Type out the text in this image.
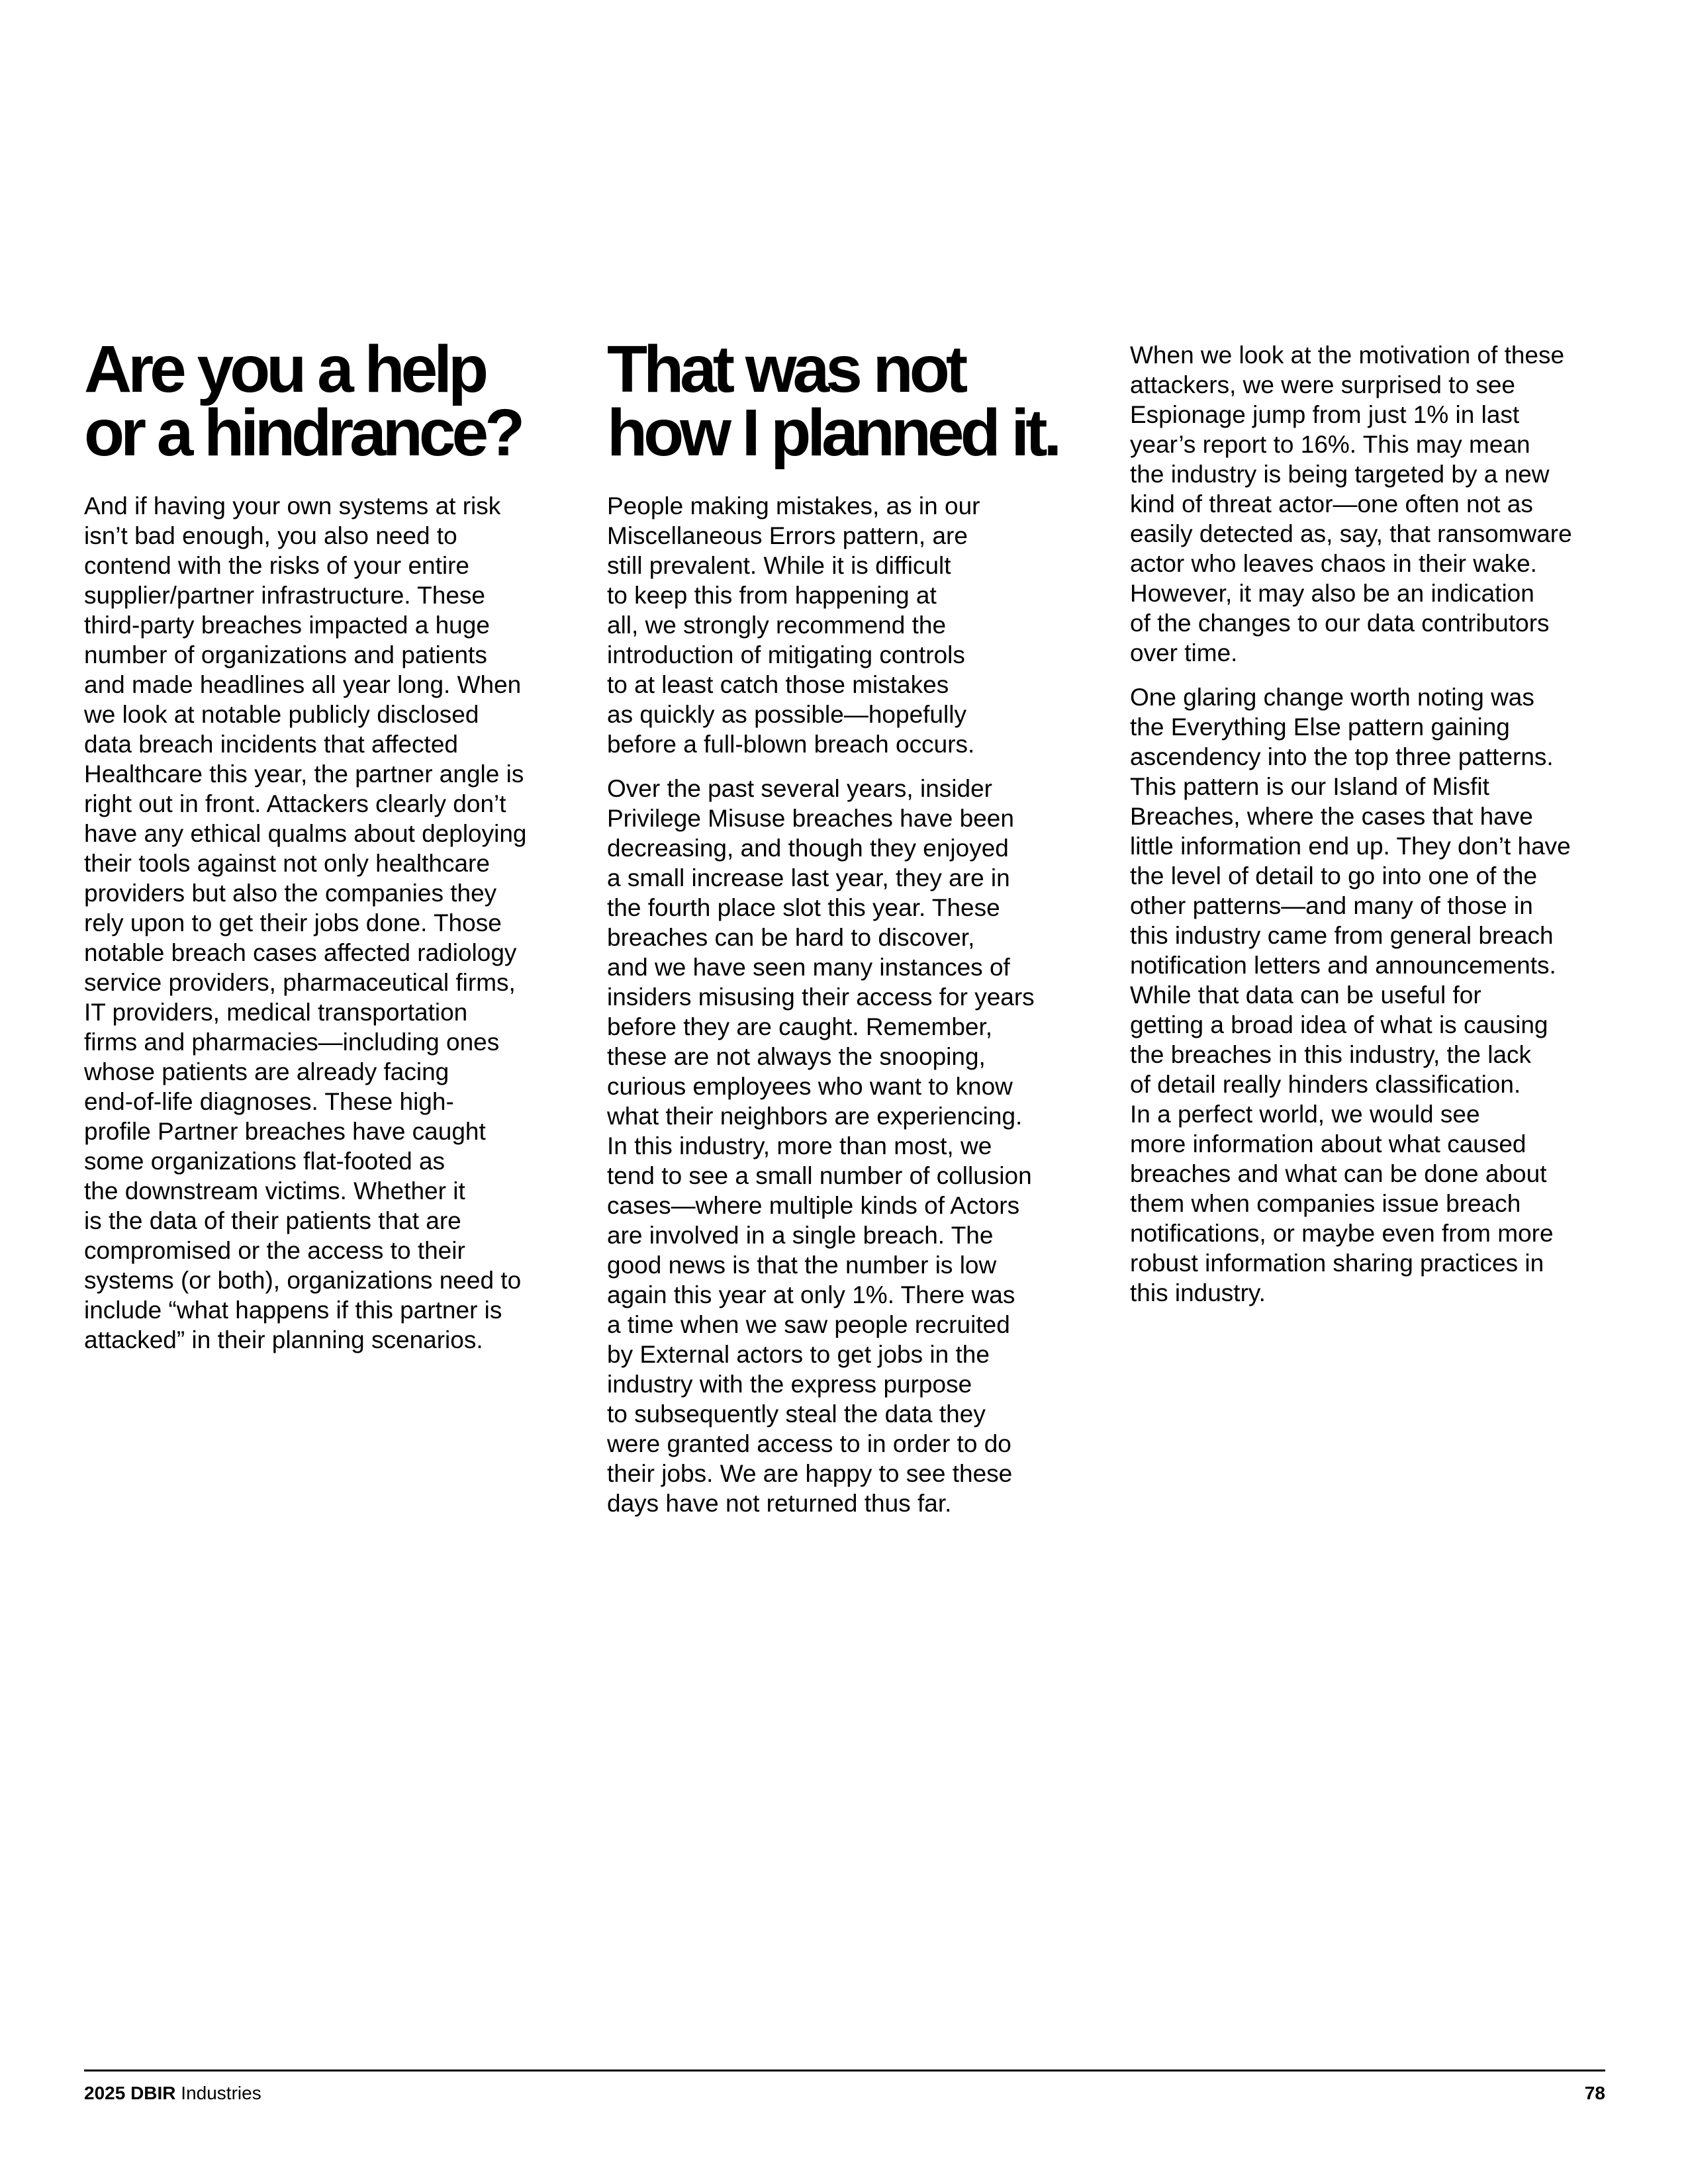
Are you a help
or a hindrance?

And if having your own systems at risk
isn’t bad enough, you also need to
contend with the risks of your entire
supplier/partner infrastructure. These
third-party breaches impacted a huge
number of organizations and patients
and made headlines all year long. When
we look at notable publicly disclosed
data breach incidents that affected
Healthcare this year, the partner angle is
right out in front. Attackers clearly don’t
have any ethical qualms about deploying
their tools against not only healthcare
providers but also the companies they
rely upon to get their jobs done. Those
notable breach cases affected radiology
service providers, pharmaceutical firms,
IT providers, medical transportation
firms and pharmacies—including ones
whose patients are already facing
end-of-life diagnoses. These high-
profile Partner breaches have caught
some organizations flat-footed as
the downstream victims. Whether it
is the data of their patients that are
compromised or the access to their
systems (or both), organizations need to
include “what happens if this partner is
attacked” in their planning scenarios.

That was not
how I planned it.

People making mistakes, as in our
Miscellaneous Errors pattern, are
still prevalent. While it is difficult
to keep this from happening at
all, we strongly recommend the
introduction of mitigating controls
to at least catch those mistakes
as quickly as possible—hopefully
before a full-blown breach occurs.

Over the past several years, insider
Privilege Misuse breaches have been
decreasing, and though they enjoyed
a small increase last year, they are in
the fourth place slot this year. These
breaches can be hard to discover,
and we have seen many instances of
insiders misusing their access for years
before they are caught. Remember,
these are not always the snooping,
curious employees who want to know
what their neighbors are experiencing.
In this industry, more than most, we
tend to see a small number of collusion
cases—where multiple kinds of Actors
are involved in a single breach. The
good news is that the number is low
again this year at only 1%. There was
a time when we saw people recruited
by External actors to get jobs in the
industry with the express purpose
to subsequently steal the data they
were granted access to in order to do
their jobs. We are happy to see these
days have not returned thus far.

When we look at the motivation of these
attackers, we were surprised to see
Espionage jump from just 1% in last
year’s report to 16%. This may mean
the industry is being targeted by a new
kind of threat actor—one often not as
easily detected as, say, that ransomware
actor who leaves chaos in their wake.
However, it may also be an indication
of the changes to our data contributors
over time.

One glaring change worth noting was
the Everything Else pattern gaining
ascendency into the top three patterns.
This pattern is our Island of Misfit
Breaches, where the cases that have
little information end up. They don’t have
the level of detail to go into one of the
other patterns—and many of those in
this industry came from general breach
notification letters and announcements.
While that data can be useful for
getting a broad idea of what is causing
the breaches in this industry, the lack
of detail really hinders classification.
In a perfect world, we would see
more information about what caused
breaches and what can be done about
them when companies issue breach
notifications, or maybe even from more
robust information sharing practices in
this industry.

2025 DBIR Industries	78
